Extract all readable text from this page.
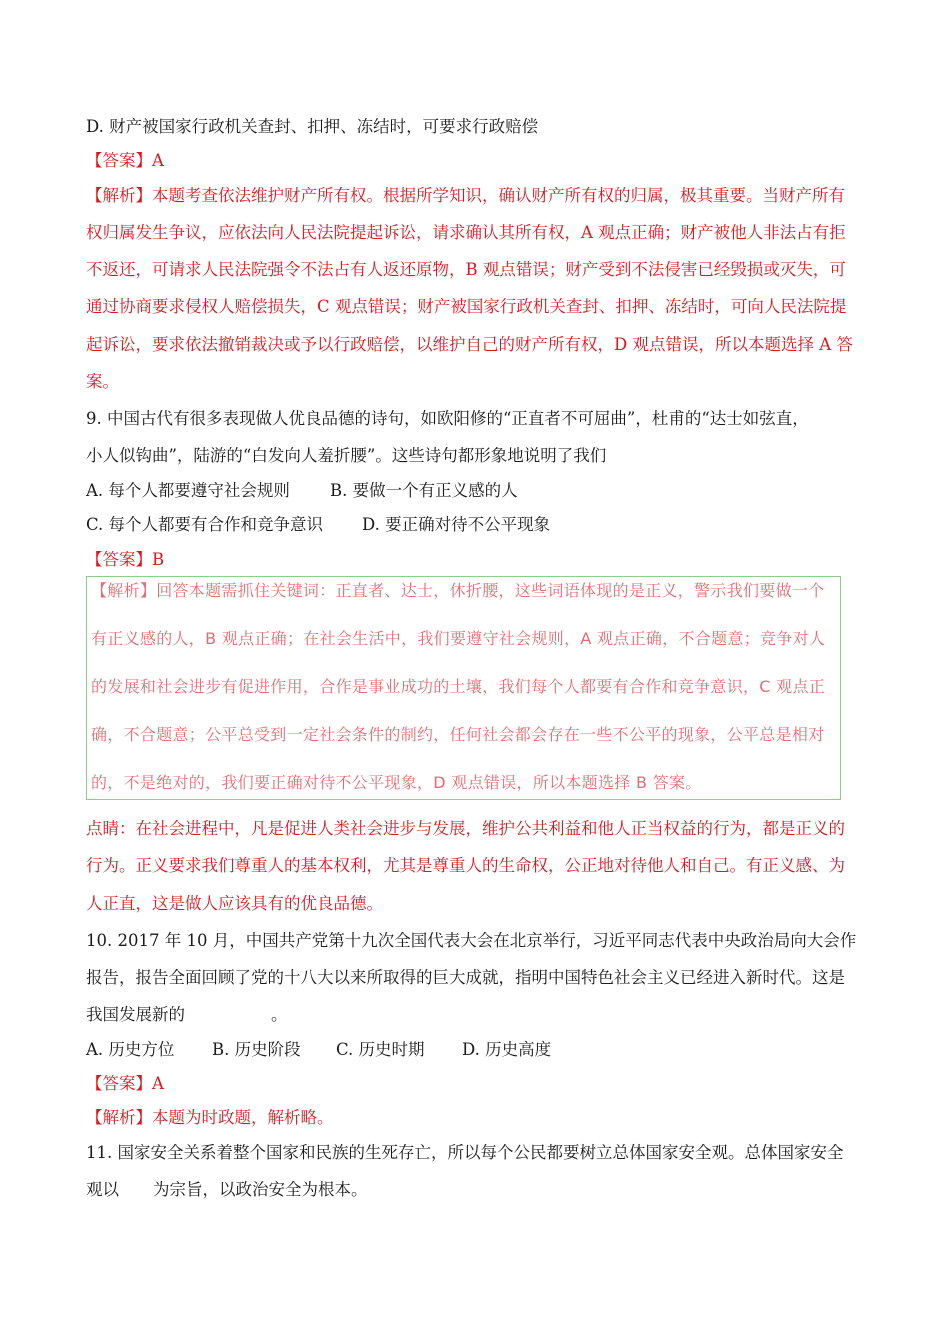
D. 财产被国家行政机关查封、扣押、冻结时，可要求行政赔偿
【答案】A
【解析】本题考查依法维护财产所有权。根据所学知识，确认财产所有权的归属，极其重要。当财产所有
权归属发生争议，应依法向人民法院提起诉讼，请求确认其所有权，A 观点正确；财产被他人非法占有拒
不返还，可请求人民法院强令不法占有人返还原物，B 观点错误；财产受到不法侵害已经毁损或灭失，可
通过协商要求侵权人赔偿损失，C 观点错误；财产被国家行政机关查封、扣押、冻结时，可向人民法院提
起诉讼，要求依法撤销裁决或予以行政赔偿，以维护自己的财产所有权，D 观点错误，所以本题选择 A 答
案。
9. 中国古代有很多表现做人优良品德的诗句，如欧阳修的“正直者不可屈曲”，杜甫的“达士如弦直，
小人似钩曲”，陆游的“白发向人羞折腰”。这些诗句都形象地说明了我们
A. 每个人都要遵守社会规则 B. 要做一个有正义感的人
C. 每个人都要有合作和竞争意识 D. 要正确对待不公平现象
【答案】B
【解析】回答本题需抓住关键词：正直者、达士，休折腰，这些词语体现的是正义，警示我们要做一个
有正义感的人，B 观点正确；在社会生活中，我们要遵守社会规则，A 观点正确，不合题意；竞争对人
的发展和社会进步有促进作用，合作是事业成功的土壤，我们每个人都要有合作和竞争意识，C 观点正
确，不合题意；公平总受到一定社会条件的制约，任何社会都会存在一些不公平的现象，公平总是相对
的，不是绝对的，我们要正确对待不公平现象，D 观点错误，所以本题选择 B 答案。
点睛：在社会进程中，凡是促进人类社会进步与发展，维护公共利益和他人正当权益的行为，都是正义的
行为。正义要求我们尊重人的基本权利，尤其是尊重人的生命权，公正地对待他人和自己。有正义感、为
人正直，这是做人应该具有的优良品德。
10. 2017 年 10 月，中国共产党第十九次全国代表大会在北京举行，习近平同志代表中央政治局向大会作
报告，报告全面回顾了党的十八大以来所取得的巨大成就，指明中国特色社会主义已经进入新时代。这是
我国发展新的	。
A. 历史方位 B. 历史阶段 C. 历史时期 D. 历史高度
【答案】A
【解析】本题为时政题，解析略。
11. 国家安全关系着整个国家和民族的生死存亡，所以每个公民都要树立总体国家安全观。总体国家安全
观以 为宗旨，以政治安全为根本。
